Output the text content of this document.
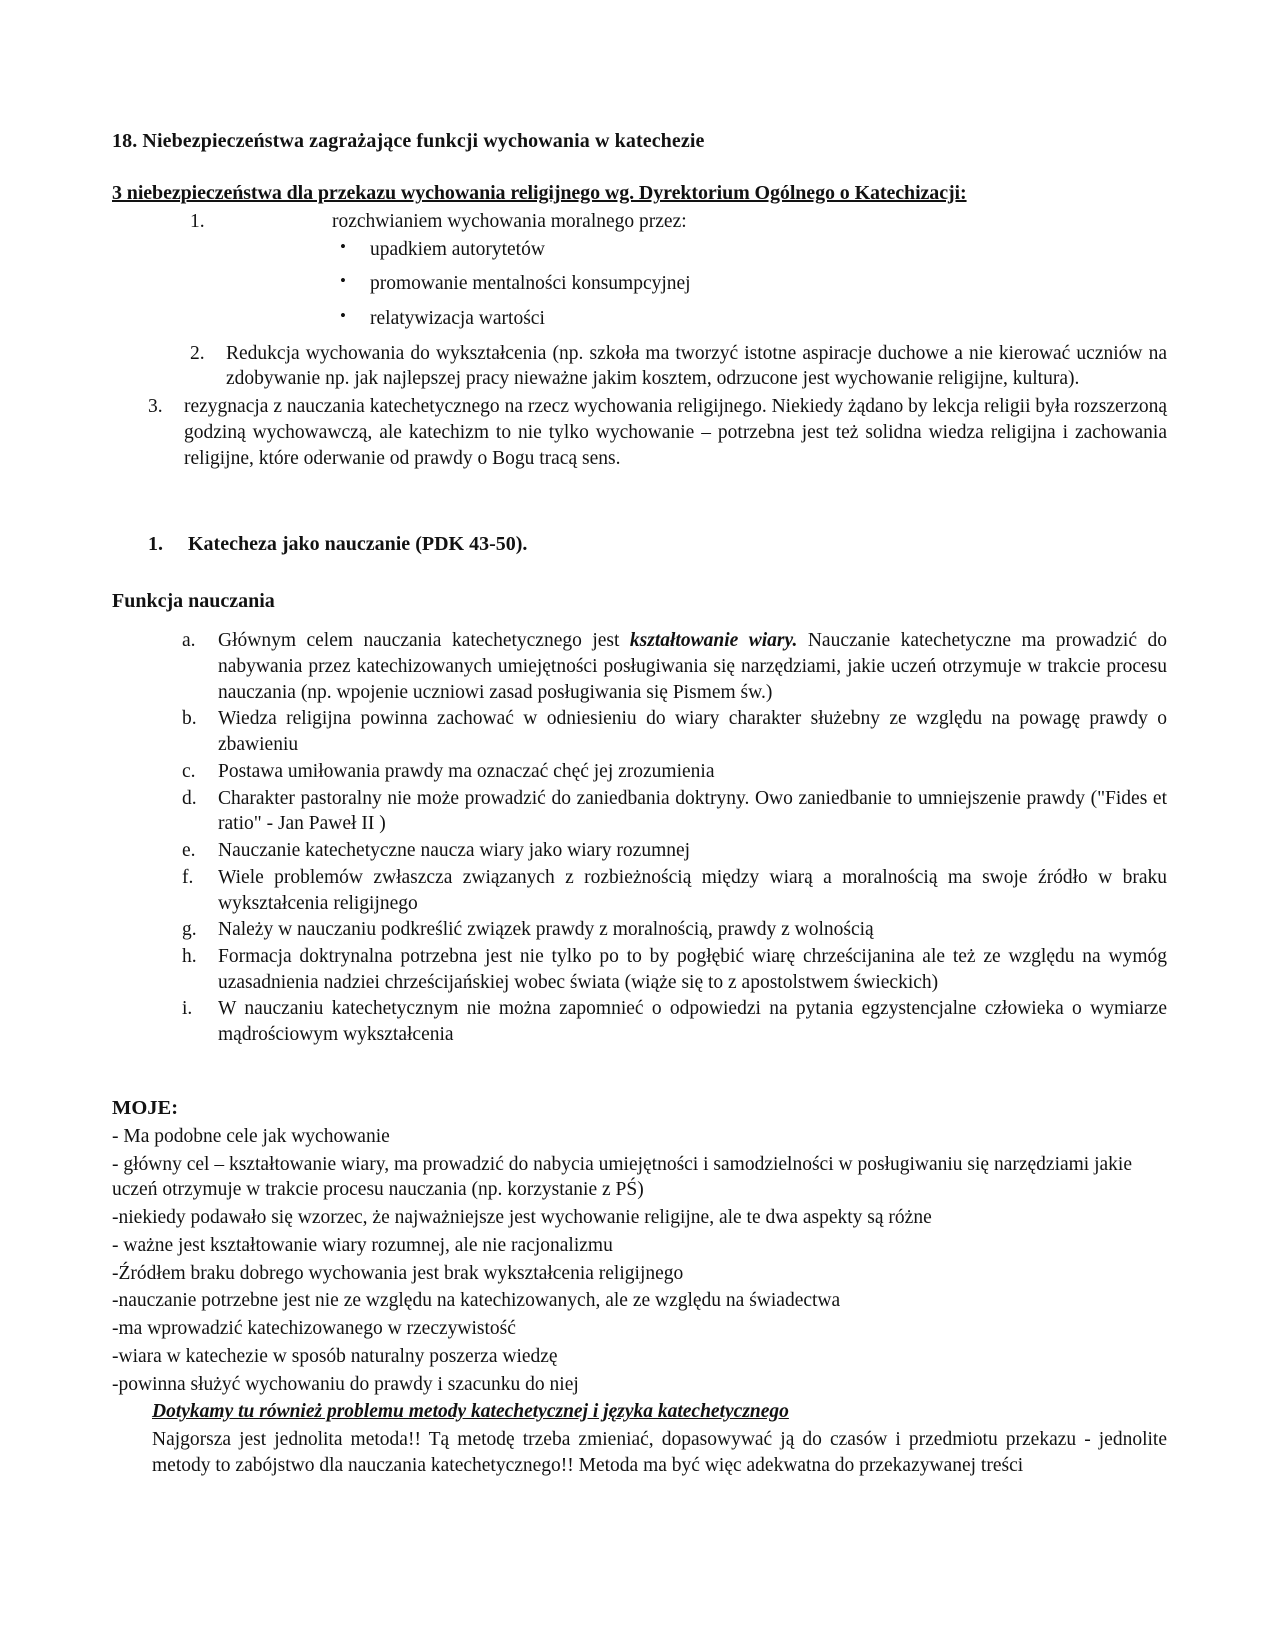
18. Niebezpieczeństwa zagrażające funkcji wychowania w katechezie

3 niebezpieczeństwa dla przekazu wychowania religijnego wg. Dyrektorium Ogólnego o Katechizacji:

1.	rozchwianiem wychowania moralnego przez:
• upadkiem autorytetów
• promowanie mentalności konsumpcyjnej
• relatywizacja wartości
2.	Redukcja wychowania do wykształcenia (np. szkoła ma tworzyć istotne aspiracje duchowe a nie kierować uczniów na zdobywanie np. jak najlepszej pracy nieważne jakim kosztem, odrzucone jest wychowanie religijne, kultura).
3.	rezygnacja z nauczania katechetycznego na rzecz wychowania religijnego. Niekiedy żądano by lekcja religii była rozszerzoną godziną wychowawczą, ale katechizm to nie tylko wychowanie – potrzebna jest też solidna wiedza religijna i zachowania religijne, które oderwanie od prawdy o Bogu tracą sens.
1. Katecheza jako nauczanie (PDK 43-50).

Funkcja nauczania

a.	Głównym celem nauczania katechetycznego jest kształtowanie wiary. Nauczanie katechetyczne ma prowadzić do nabywania przez katechizowanych umiejętności posługiwania się narzędziami, jakie uczeń otrzymuje w trakcie procesu nauczania (np. wpojenie uczniowi zasad posługiwania się Pismem św.)
b.	Wiedza religijna powinna zachować w odniesieniu do wiary charakter służebny ze względu na powagę prawdy o zbawieniu
c.	Postawa umiłowania prawdy ma oznaczać chęć jej zrozumienia
d.	Charakter pastoralny nie może prowadzić do zaniedbania doktryny. Owo zaniedbanie to umniejszenie prawdy ("Fides et ratio" - Jan Paweł II )
e.	Nauczanie katechetyczne naucza wiary jako wiary rozumnej
f.	Wiele problemów zwłaszcza związanych z rozbieżnością między wiarą a moralnością ma swoje źródło w braku wykształcenia religijnego
g.	Należy w nauczaniu podkreślić związek prawdy z moralnością, prawdy z wolnością
h.	Formacja doktrynalna potrzebna jest nie tylko po to by pogłębić wiarę chrześcijanina ale też ze względu na wymóg uzasadnienia nadziei chrześcijańskiej wobec świata (wiąże się to z apostolstwem świeckich)
i.	W nauczaniu katechetycznym nie można zapomnieć o odpowiedzi na pytania egzystencjalne człowieka o wymiarze mądrościowym wykształcenia

MOJE:

- Ma podobne cele jak wychowanie

- główny cel – kształtowanie wiary, ma prowadzić do nabycia umiejętności i samodzielności w posługiwaniu się narzędziami jakie uczeń otrzymuje w trakcie procesu nauczania (np. korzystanie z PŚ)

-niekiedy podawało się wzorzec, że najważniejsze jest wychowanie religijne, ale te dwa aspekty są różne

- ważne jest kształtowanie wiary rozumnej, ale nie racjonalizmu

-Źródłem braku dobrego wychowania jest brak wykształcenia religijnego

-nauczanie potrzebne jest nie ze względu na katechizowanych, ale ze względu na świadectwa

-ma wprowadzić katechizowanego w rzeczywistość

-wiara w katechezie w sposób naturalny poszerza wiedzę

-powinna służyć wychowaniu do prawdy i szacunku do niej

Dotykamy tu również problemu metody katechetycznej i języka katechetycznego

Najgorsza jest jednolita metoda!! Tą metodę trzeba zmieniać, dopasowywać ją do czasów i przedmiotu przekazu - jednolite metody to zabójstwo dla nauczania katechetycznego!! Metoda ma być więc adekwatna do przekazywanej treści
